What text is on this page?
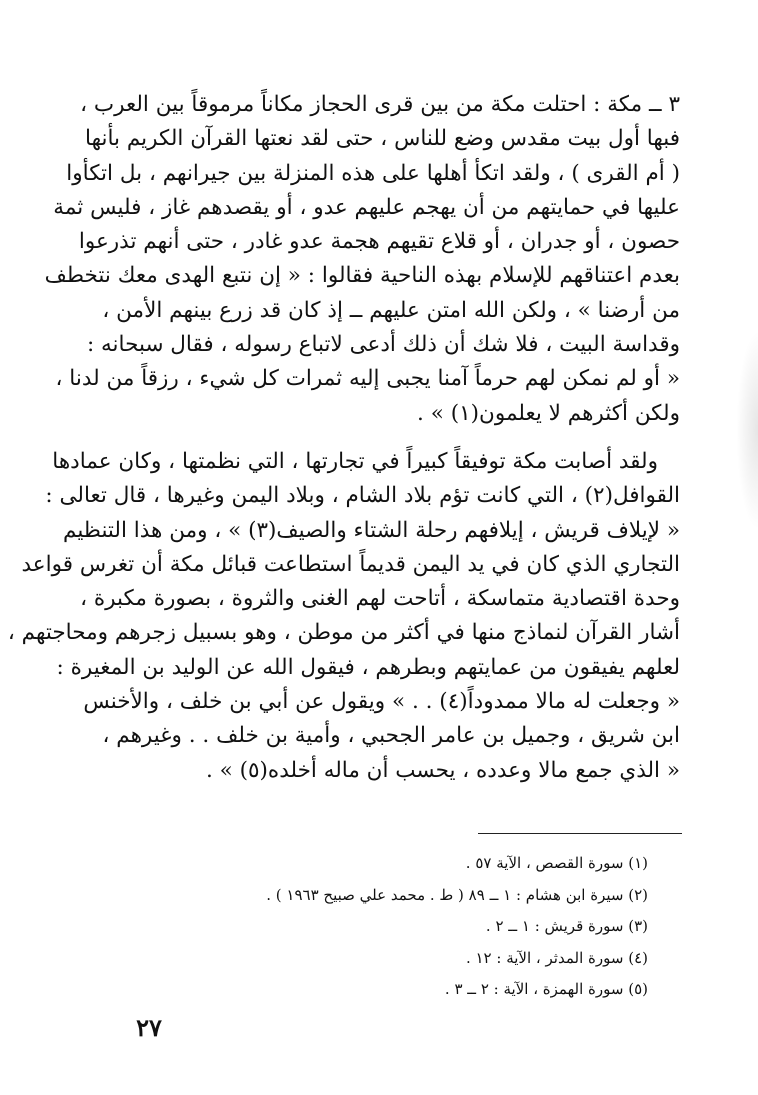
٣ ــ مكة : احتلت مكة من بين قرى الحجاز مكاناً مرموقاً بين العرب ،
فبها أول بيت مقدس وضع للناس ، حتى لقد نعتها القرآن الكريم بأنها
( أم القرى ) ، ولقد اتكأ أهلها على هذه المنزلة بين جيرانهم ، بل اتكأوا
عليها في حمايتهم من أن يهجم عليهم عدو ، أو يقصدهم غاز ، فليس ثمة
حصون ، أو جدران ، أو قلاع تقيهم هجمة عدو غادر ، حتى أنهم تذرعوا
بعدم اعتناقهم للإسلام بهذه الناحية فقالوا : « إن نتبع الهدى معك نتخطف
من أرضنا » ، ولكن الله امتن عليهم ــ إذ كان قد زرع بينهم الأمن ،
وقداسة البيت ، فلا شك أن ذلك أدعى لاتباع رسوله ، فقال سبحانه :
« أو لم نمكن لهم حرماً آمنا يجبى إليه ثمرات كل شيء ، رزقاً من لدنا ،
ولكن أكثرهم لا يعلمون(١) » .
ولقد أصابت مكة توفيقاً كبيراً في تجارتها ، التي نظمتها ، وكان عمادها
القوافل(٢) ، التي كانت تؤم بلاد الشام ، وبلاد اليمن وغيرها ، قال تعالى :
« لإيلاف قريش ، إيلافهم رحلة الشتاء والصيف(٣) » ، ومن هذا التنظيم
التجاري الذي كان في يد اليمن قديماً استطاعت قبائل مكة أن تغرس قواعد
وحدة اقتصادية متماسكة ، أتاحت لهم الغنى والثروة ، بصورة مكبرة ،
أشار القرآن لنماذج منها في أكثر من موطن ، وهو بسبيل زجرهم ومحاجتهم ،
لعلهم يفيقون من عمايتهم وبطرهم ، فيقول الله عن الوليد بن المغيرة :
« وجعلت له مالا ممدوداً(٤) . . » ويقول عن أبي بن خلف ، والأخنس
ابن شريق ، وجميل بن عامر الجحبي ، وأمية بن خلف . . وغيرهم ،
« الذي جمع مالا وعدده ، يحسب أن ماله أخلده(٥) » .
(١) سورة القصص ، الآية ٥٧ .
(٢) سيرة ابن هشام : ١ ــ ٨٩ ( ط . محمد علي صبيح ١٩٦٣ ) .
(٣) سورة قريش : ١ ــ ٢ .
(٤) سورة المدثر ، الآية : ١٢ .
(٥) سورة الهمزة ، الآية : ٢ ــ ٣ .
٢٧
